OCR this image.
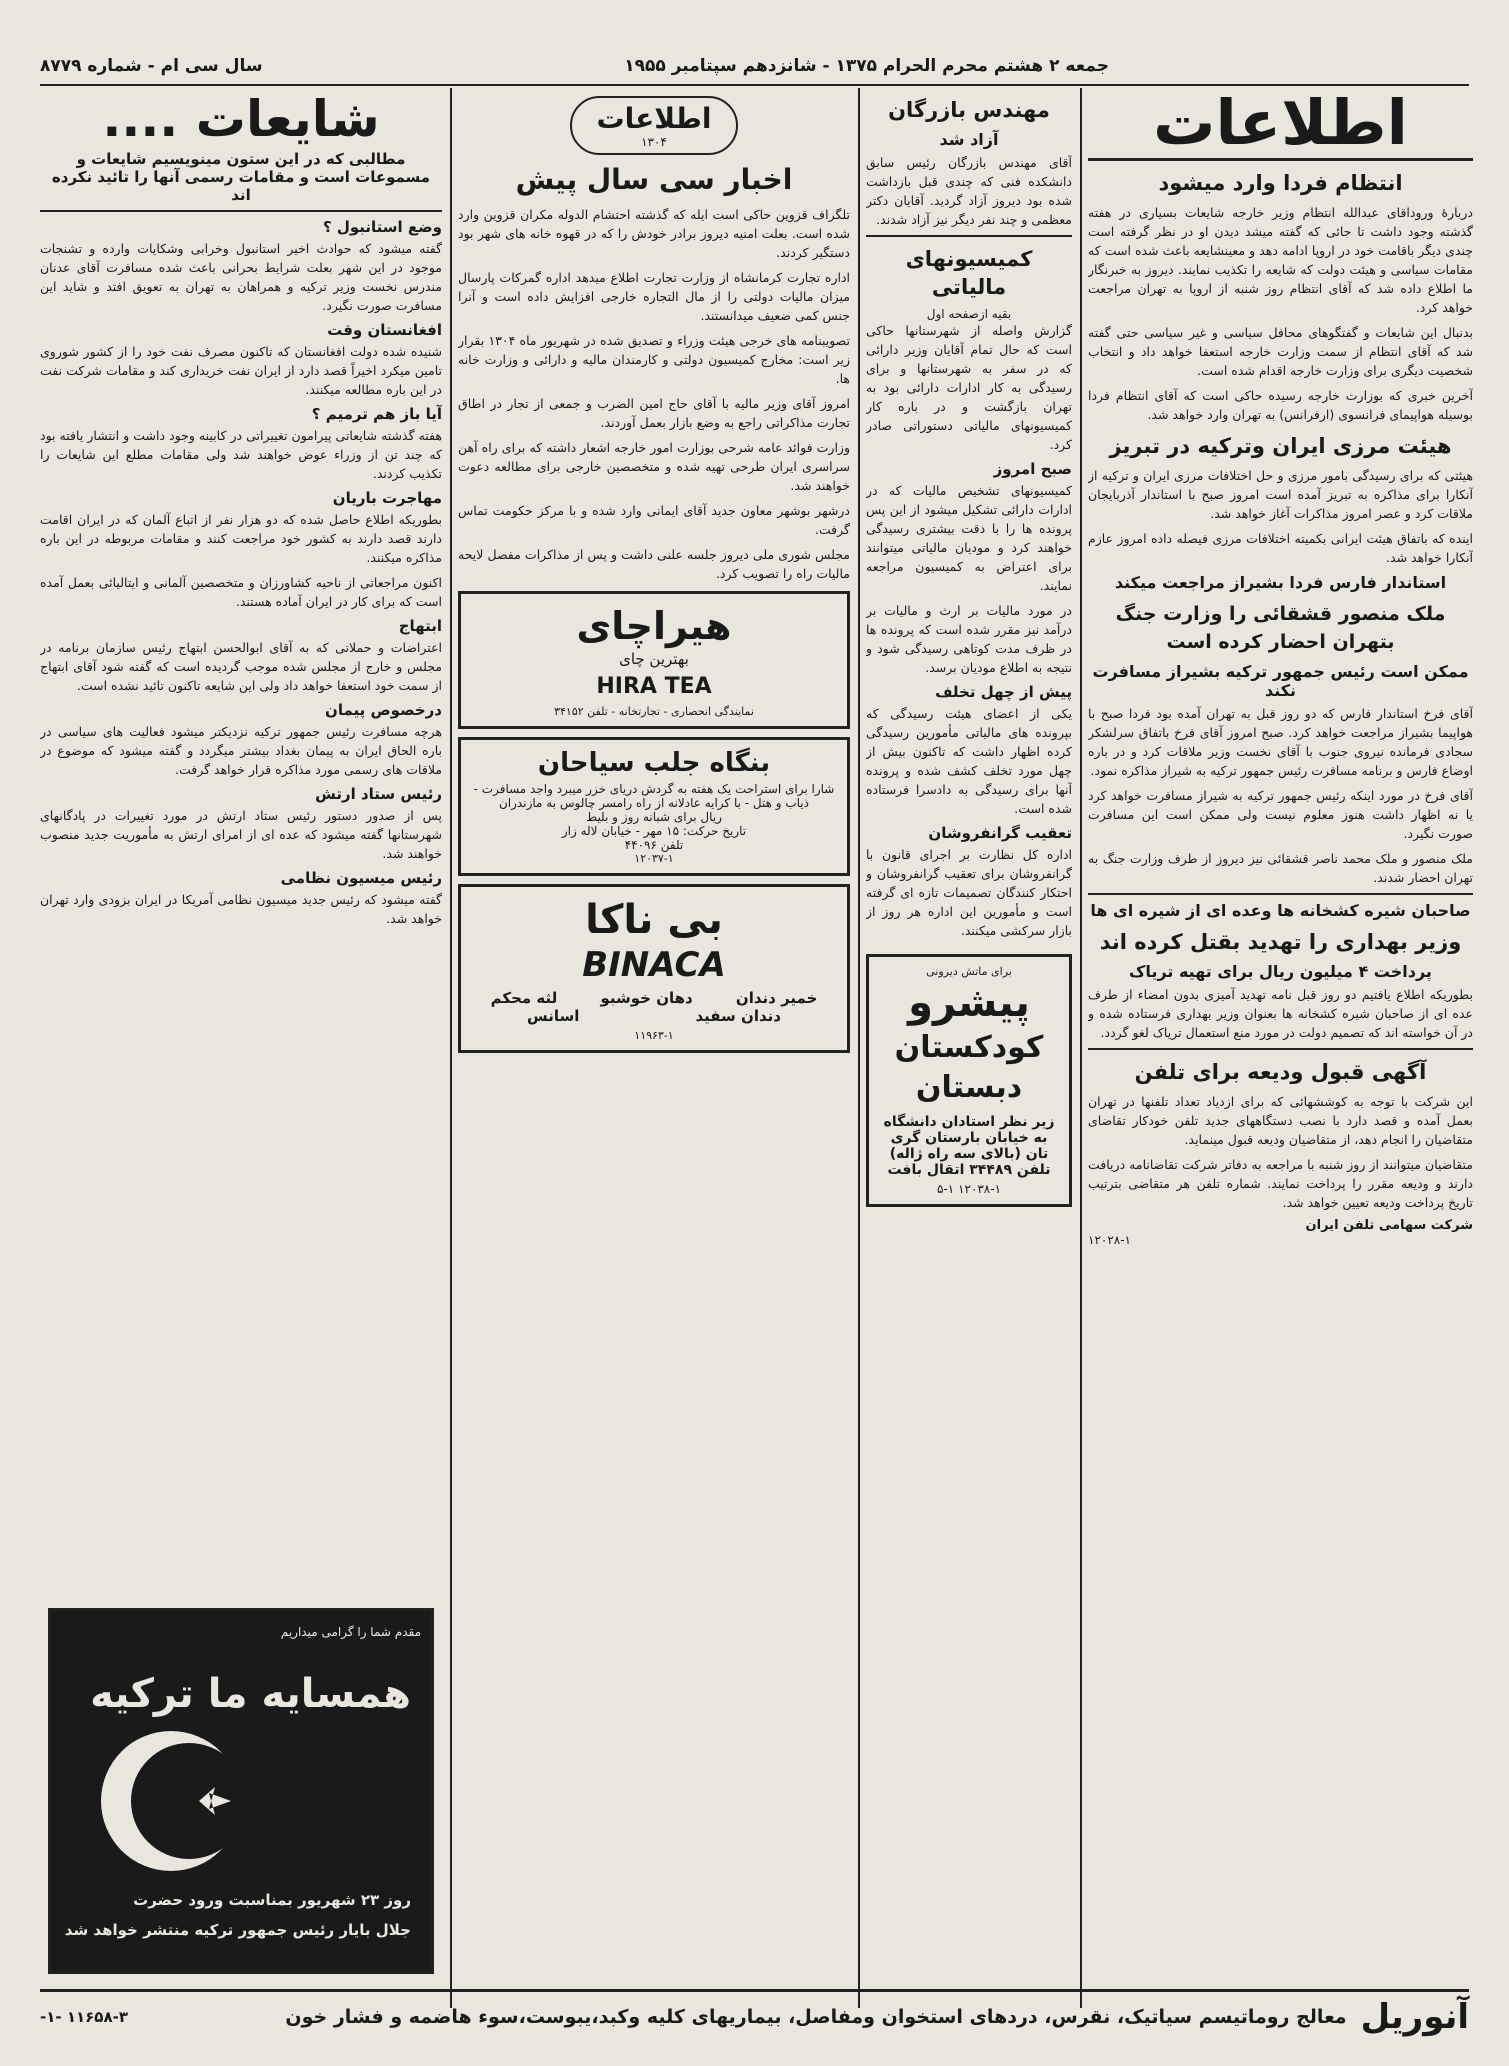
جمعه ۲ هشتم محرم الحرام ۱۳۷۵ - شانزدهم سپتامبر ۱۹۵۵
سال سی ام - شماره ۸۷۷۹
اطلاعات
انتظام فردا وارد میشود

دربارهٔ وروداقای عبدالله انتظام وزیر خارجه شایعات بسیاری در هفته گذشته وجود داشت تا جائی که گفته میشد دیدن او در نظر گرفته است چندی دیگر باقامت خود در اروپا ادامه دهد و معینشایعه باعث شده است که مقامات سیاسی و هیئت دولت که شایعه را تکذیب نمایند. دیروز به خبرنگار ما اطلاع داده شد که آقای انتظام روز شنبه از اروپا به تهران مراجعت خواهد کرد.

بدنبال این شایعات و گفتگوهای محافل سیاسی و غیر سیاسی حتی گفته شد که آقای انتظام از سمت وزارت خارجه استعفا خواهد داد و انتخاب شخصیت دیگری برای وزارت خارجه اقدام شده است.

آخرین خبری که بوزارت خارجه رسیده حاکی است که آقای انتظام فردا بوسیله هواپیمای فرانسوی (ارفرانس) به تهران وارد خواهد شد.

هیئت مرزی ایران وترکیه در تبریز

هیئتی که برای رسیدگی بامور مرزی و حل اختلافات مرزی ایران و ترکیه از آنکارا برای مذاکره به تبریز آمده است امروز صبح با استاندار آذربایجان ملاقات کرد و عصر امروز مذاکرات آغاز خواهد شد.

اینده که باتفاق هیئت ایرانی بکمیته اختلافات مرزی فیصله داده امروز عازم آنکارا خواهد شد.

استاندار فارس فردا بشیراز مراجعت میکند
ملک منصور قشقائی را وزارت جنگ بتهران احضار کرده است
ممکن است رئیس جمهور ترکیه بشیراز مسافرت نکند

آقای فرخ استاندار فارس که دو روز قبل به تهران آمده بود فردا صبح با هواپیما بشیراز مراجعت خواهد کرد. صبح امروز آقای فرخ باتفاق سرلشکر سجادی فرمانده نیروی جنوب با آقای نخست وزیر ملاقات کرد و در باره اوضاع فارس و برنامه مسافرت رئیس جمهور ترکیه به شیراز مذاکره نمود.

آقای فرخ در مورد اینکه رئیس جمهور ترکیه به شیراز مسافرت خواهد کرد یا نه اظهار داشت هنوز معلوم نیست ولی ممکن است این مسافرت صورت نگیرد.

ملک منصور و ملک محمد ناصر قشقائی نیز دیروز از طرف وزارت جنگ به تهران احضار شدند.

صاحبان شیره کشخانه ها وعده ای از شیره ای ها
وزیر بهداری را تهدید بقتل کرده اند
پرداخت ۴ میلیون ریال برای تهیه تریاک

بطوریکه اطلاع یافتیم دو روز قبل نامه تهدید آمیزی بدون امضاء از طرف عده ای از صاحبان شیره کشخانه ها بعنوان وزیر بهداری فرستاده شده و در آن خواسته اند که تصمیم دولت در مورد منع استعمال تریاک لغو گردد.

آگهی قبول ودیعه برای تلفن

این شرکت با توجه به کوششهائی که برای ازدیاد تعداد تلفنها در تهران بعمل آمده و قصد دارد با نصب دستگاههای جدید تلفن خودکار تقاضای متقاضیان را انجام دهد، از متقاضیان ودیعه قبول مینماید.

متقاضیان میتوانند از روز شنبه با مراجعه به دفاتر شرکت تقاضانامه دریافت دارند و ودیعه مقرر را پرداخت نمایند. شماره تلفن هر متقاضی بترتیب تاریخ پرداخت ودیعه تعیین خواهد شد.

شرکت سهامی تلفن ایران
۱۲۰۲۸-۱
مهندس بازرگان
آزاد شد

آقای مهندس بازرگان رئیس سابق دانشکده فنی که چندی قبل بازداشت شده بود دیروز آزاد گردید. آقایان دکتر معظمی و چند نفر دیگر نیز آزاد شدند.

کمیسیونهای مالیاتی
بقیه ازصفحه اول

گزارش واصله از شهرستانها حاکی است که حال تمام آقایان وزیر دارائی که در سفر به شهرستانها و برای رسیدگی به کار ادارات دارائی بود به تهران بازگشت و در باره کار کمیسیونهای مالیاتی دستوراتی صادر کرد.

صبح امروز

کمیسیونهای تشخیص مالیات که در ادارات دارائی تشکیل میشود از این پس پرونده ها را با دقت بیشتری رسیدگی خواهند کرد و مودیان مالیاتی میتوانند برای اعتراض به کمیسیون مراجعه نمایند.

در مورد مالیات بر ارث و مالیات بر درآمد نیز مقرر شده است که پرونده ها در ظرف مدت کوتاهی رسیدگی شود و نتیجه به اطلاع مودیان برسد.

پیش از چهل تخلف

یکی از اعضای هیئت رسیدگی که بپرونده های مالیاتی مأمورین رسیدگی کرده اظهار داشت که تاکنون بیش از چهل مورد تخلف کشف شده و پرونده آنها برای رسیدگی به دادسرا فرستاده شده است.

تعقیب گرانفروشان

اداره کل نظارت بر اجرای قانون با گرانفروشان برای تعقیب گرانفروشان و احتکار کنندگان تصمیمات تازه ای گرفته است و مأمورین این اداره هر روز از بازار سرکشی میکنند.

برای ماتش دیرونی
پیشرو
کودکستان
دبستان
زیر نظر استادان دانشگاه
به خیابان بارستان گری
تان (بالای سه راه ژاله)
تلفن ۳۴۴۸۹ اتقال بافت
۱۲۰۳۸-۱ ۵-۱
اطلاعات
۱۳۰۴
اخبار سی سال پیش

تلگراف قزوین حاکی است ایله که گذشته احتشام الدوله مکران قزوین وارد شده است. بعلت امنیه دیروز برادر خودش را که در قهوه خانه های شهر بود دستگیر کردند.

اداره تجارت کرمانشاه از وزارت تجارت اطلاع میدهد اداره گمرکات پارسال میزان مالیات دولتی را از مال التجاره خارجی افزایش داده است و آنرا جنس کمی ضعیف میدانستند.

تصویبنامه های خرجی هیئت وزراء و تصدیق شده در شهریور ماه ۱۳۰۴ بقرار زیر است: مخارج کمیسیون دولتی و کارمندان مالیه و دارائی و وزارت خانه ها.

امروز آقای وزیر مالیه با آقای حاج امین الضرب و جمعی از تجار در اطاق تجارت مذاکراتی راجع به وضع بازار بعمل آوردند.

وزارت فوائد عامه شرحی بوزارت امور خارجه اشعار داشته که برای راه آهن سراسری ایران طرحی تهیه شده و متخصصین خارجی برای مطالعه دعوت خواهند شد.

درشهر بوشهر معاون جدید آقای ایمانی وارد شده و با مرکز حکومت تماس گرفت.

مجلس شوری ملی دیروز جلسه علنی داشت و پس از مذاکرات مفصل لایحه مالیات راه را تصویب کرد.

هیراچای
بهترین چای
HIRA TEA
نمایندگی انحصاری - تجارتخانه - تلفن ۳۴۱۵۲
بنگاه جلب سیاحان
شارا برای استراحت یک هفته به گردش دریای خزر میبرد واجد مسافرت - ذیاب و هتل - با کرایه عادلانه از راه رامسر چالوس به مازندران
ریال برای شبانه روز و بلیط
تاریخ حرکت: ۱۵ مهر - خیابان لاله زار
تلفن ۴۴۰۹۶
۱۲۰۳۷-۱
بی ناکا
BINACA
خمیر دندان
دهان خوشبو
لثه محکم
دندان سفید
اسانس
۱۱۹۶۳-۱
شایعات ....
مطالبی که در این ستون مینویسیم شایعات و مسموعات است و مقامات رسمی آنها را تائید نکرده اند
وضع استانبول ؟

گفته میشود که حوادث اخیر استانبول وخرابی وشکایات وارده و تشنجات موجود در این شهر بعلت شرایط بحرانی باعث شده مسافرت آقای عدنان مندرس نخست وزیر ترکیه و همراهان به تهران به تعویق افتد و شاید این مسافرت صورت نگیرد.

افغانستان وقت

شنیده شده دولت افغانستان که تاکنون مصرف نفت خود را از کشور شوروی تامین میکرد اخیراً قصد دارد از ایران نفت خریداری کند و مقامات شرکت نفت در این باره مطالعه میکنند.

آیا باز هم ترمیم ؟

هفته گذشته شایعاتی پیرامون تغییراتی در کابینه وجود داشت و انتشار یافته بود که چند تن از وزراء عوض خواهند شد ولی مقامات مطلع این شایعات را تکذیب کردند.

مهاجرت باریان

بطوریکه اطلاع حاصل شده که دو هزار نفر از اتباع آلمان که در ایران اقامت دارند قصد دارند به کشور خود مراجعت کنند و مقامات مربوطه در این باره مذاکره میکنند.

اکنون مراجعاتی از ناحیه کشاورزان و متخصصین آلمانی و ایتالیائی بعمل آمده است که برای کار در ایران آماده هستند.

ابتهاج

اعتراضات و حملاتی که به آقای ابوالحسن ابتهاج رئیس سازمان برنامه در مجلس و خارج از مجلس شده موجب گردیده است که گفته شود آقای ابتهاج از سمت خود استعفا خواهد داد ولی این شایعه تاکنون تائید نشده است.

درخصوص پیمان

هرچه مسافرت رئیس جمهور ترکیه نزدیکتر میشود فعالیت های سیاسی در باره الحاق ایران به پیمان بغداد بیشتر میگردد و گفته میشود که موضوع در ملاقات های رسمی مورد مذاکره قرار خواهد گرفت.

رئیس ستاد ارتش

پس از صدور دستور رئیس ستاد ارتش در مورد تغییرات در پادگانهای شهرستانها گفته میشود که عده ای از امرای ارتش به مأموریت جدید منصوب خواهند شد.

رئیس میسیون نظامی

گفته میشود که رئیس جدید میسیون نظامی آمریکا در ایران بزودی وارد تهران خواهد شد.

مقدم شما را گرامی میداریم
همسایه ما ترکیه
روز ۲۳ شهریور بمناسبت ورود حضرت
جلال بایار رئیس جمهور ترکیه منتشر خواهد شد
آنوریل
معالج روماتیسم سیاتیک، نقرس، دردهای استخوان ومفاصل، بیماریهای کلیه وکبد،یبوست،سوء هاضمه و فشار خون
۱۱۶۵۸-۳ -۱-
